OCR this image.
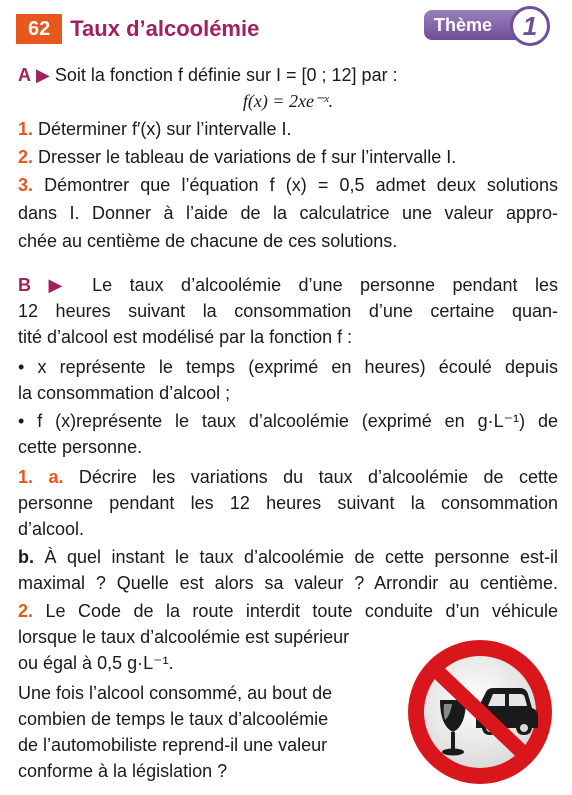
62 Taux d’alcoolémie	Thème	1
A ▶ Soit la fonction f définie sur I = [0 ; 12] par :
f(x) = 2xe⁻ˣ.
1. Déterminer f′(x) sur l’intervalle I.
2. Dresser le tableau de variations de f sur l’intervalle I.
3. Démontrer que l’équation f (x) = 0,5 admet deux solutions
dans I. Donner à l’aide de la calculatrice une valeur appro-
chée au centième de chacune de ces solutions.
B ▶ Le taux d’alcoolémie d’une personne pendant les
12 heures suivant la consommation d’une certaine quan-
tité d’alcool est modélisé par la fonction f :
• x représente le temps (exprimé en heures) écoulé depuis
la consommation d’alcool ;
• f (x)représente le taux d’alcoolémie (exprimé en g·L⁻¹) de
cette personne.
1. a. Décrire les variations du taux d’alcoolémie de cette
personne pendant les 12 heures suivant la consommation
d’alcool.
b. À quel instant le taux d’alcoolémie de cette personne est-il
maximal ? Quelle est alors sa valeur ? Arrondir au centième.
2. Le Code de la route interdit toute conduite d’un véhicule
lorsque le taux d’alcoolémie est supérieur
ou égal à 0,5 g·L⁻¹.
Une fois l’alcool consommé, au bout de
combien de temps le taux d’alcoolémie
de l’automobiliste reprend-il une valeur
conforme à la législation ?
